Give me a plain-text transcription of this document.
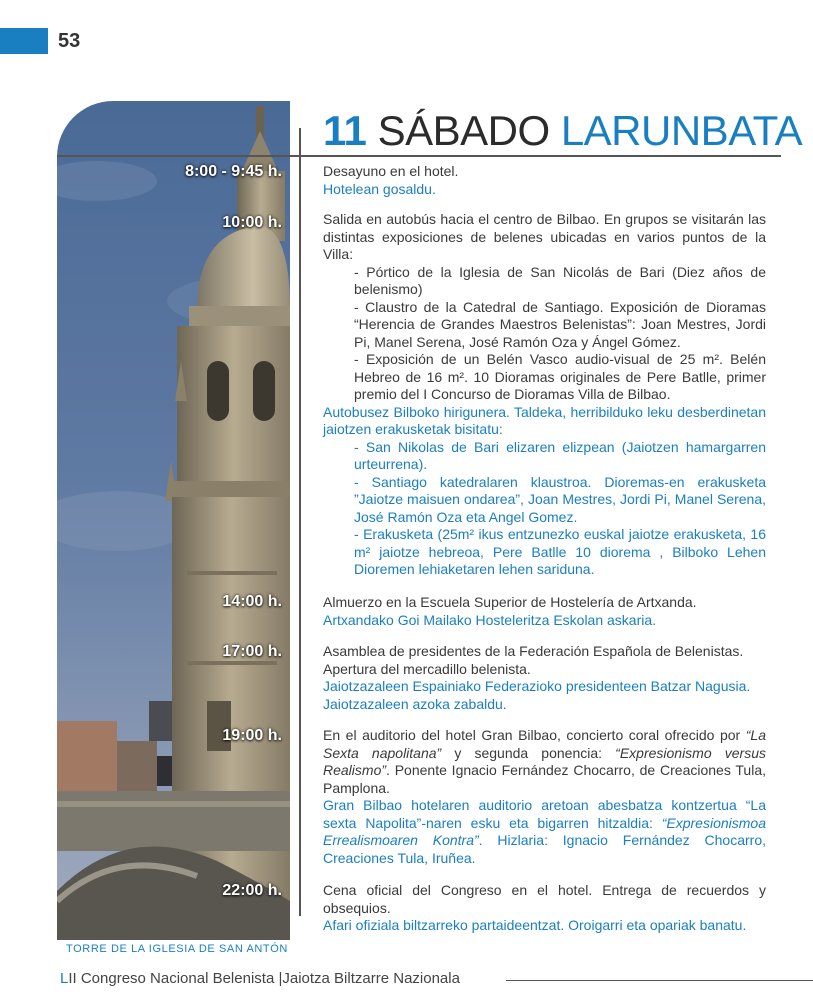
53
TORRE DE LA IGLESIA DE SAN ANTÓN
11 SÁBADO LARUNBATA
8:00 - 9:45 h.
10:00 h.
14:00 h.
17:00 h.
19:00 h.
22:00 h.

Desayuno en el hotel.

Hotelean gosaldu.

Salida en autobús hacia el centro de Bilbao. En grupos se visitarán las distintas exposiciones de belenes ubicadas en varios puntos de la Villa:

- Pórtico de la Iglesia de San Nicolás de Bari (Diez años de belenismo)

- Claustro de la Catedral de Santiago. Exposición de Dioramas “Herencia de Grandes Maestros Belenistas”: Joan Mestres, Jordi Pi, Manel Serena, José Ramón Oza y Ángel Gómez.

- Exposición de un Belén Vasco audio-visual de 25 m². Belén Hebreo de 16 m². 10 Dioramas originales de Pere Batlle, primer premio del I Concurso de Dioramas Villa de Bilbao.

Autobusez Bilboko hirigunera. Taldeka, herribilduko leku desberdinetan jaiotzen erakusketak bisitatu:

- San Nikolas de Bari elizaren elizpean (Jaiotzen hamargarren urteurrena).

- Santiago katedralaren klaustroa. Dioremas-en erakusketa ”Jaiotze maisuen ondarea”, Joan Mestres, Jordi Pi, Manel Serena, José Ramón Oza eta Angel Gomez.

- Erakusketa (25m² ikus entzunezko euskal jaiotze erakusketa, 16 m² jaiotze hebreoa, Pere Batlle 10 diorema , Bilboko Lehen Dioremen lehiaketaren lehen sariduna.

Almuerzo en la Escuela Superior de Hostelería de Artxanda.

Artxandako Goi Mailako Hosteleritza Eskolan askaria.

Asamblea de presidentes de la Federación Española de Belenistas.

Apertura del mercadillo belenista.

Jaiotzazaleen Espainiako Federazioko presidenteen Batzar Nagusia.

Jaiotzazaleen azoka zabaldu.

En el auditorio del hotel Gran Bilbao, concierto coral ofrecido por “La Sexta napolitana” y segunda ponencia: “Expresionismo versus Realismo”. Ponente Ignacio Fernández Chocarro, de Creaciones Tula, Pamplona.

Gran Bilbao hotelaren auditorio aretoan abesbatza kontzertua “La sexta Napolita”-naren esku eta bigarren hitzaldia: “Expresionismoa Errealismoaren Kontra”. Hizlaria: Ignacio Fernández Chocarro, Creaciones Tula, Iruñea.

Cena oficial del Congreso en el hotel. Entrega de recuerdos y obsequios.

Afari ofiziala biltzarreko partaideentzat. Oroigarri eta opariak banatu.

LII Congreso Nacional Belenista |Jaiotza Biltzarre Nazionala
